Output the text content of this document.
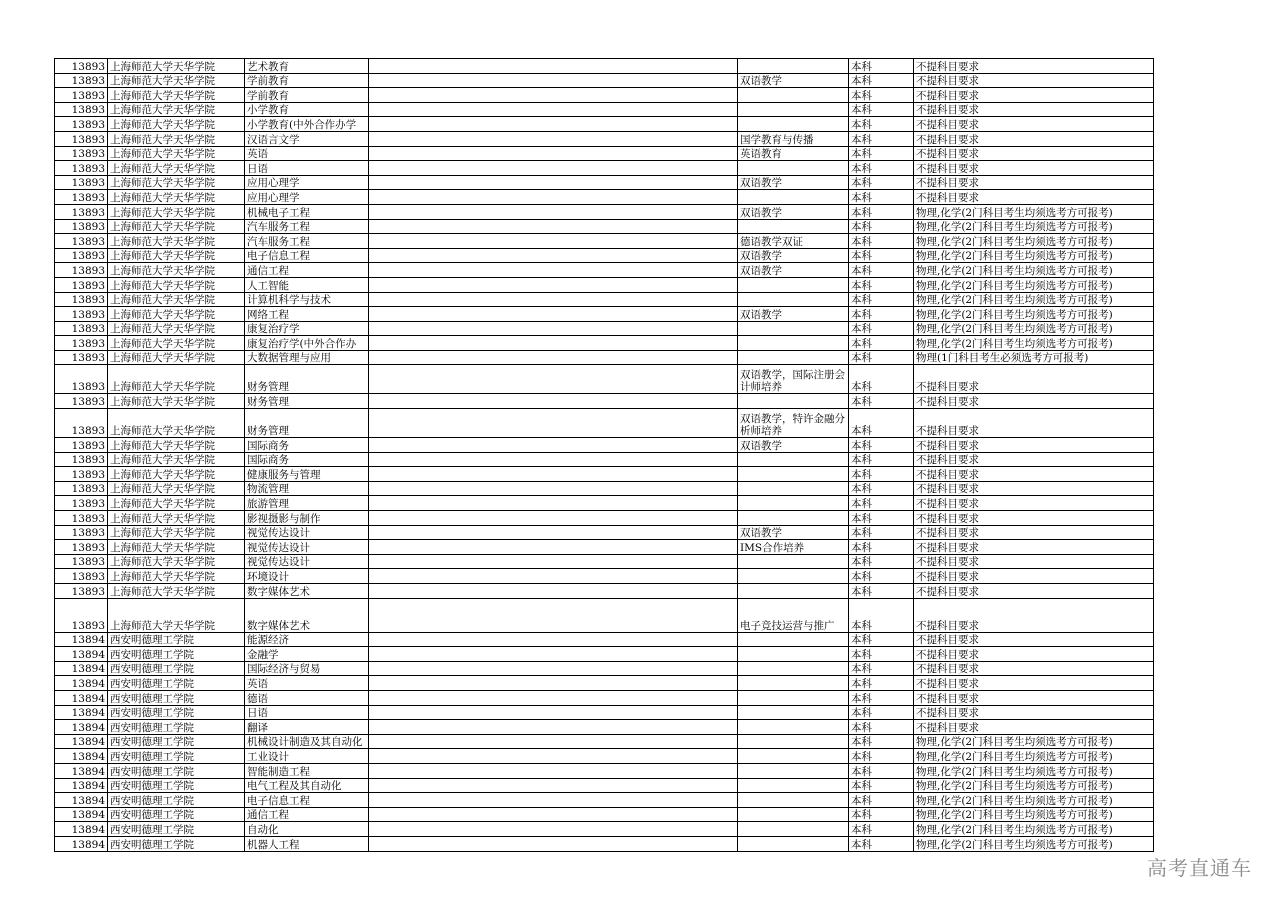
13893	上海师范大学天华学院	艺术教育			本科	不提科目要求
13893	上海师范大学天华学院	学前教育		双语教学	本科	不提科目要求
13893	上海师范大学天华学院	学前教育			本科	不提科目要求
13893	上海师范大学天华学院	小学教育			本科	不提科目要求
13893	上海师范大学天华学院	小学教育(中外合作办学			本科	不提科目要求
13893	上海师范大学天华学院	汉语言文学		国学教育与传播	本科	不提科目要求
13893	上海师范大学天华学院	英语		英语教育	本科	不提科目要求
13893	上海师范大学天华学院	日语			本科	不提科目要求
13893	上海师范大学天华学院	应用心理学		双语教学	本科	不提科目要求
13893	上海师范大学天华学院	应用心理学			本科	不提科目要求
13893	上海师范大学天华学院	机械电子工程		双语教学	本科	物理,化学(2门科目考生均须选考方可报考)
13893	上海师范大学天华学院	汽车服务工程			本科	物理,化学(2门科目考生均须选考方可报考)
13893	上海师范大学天华学院	汽车服务工程		德语教学双证	本科	物理,化学(2门科目考生均须选考方可报考)
13893	上海师范大学天华学院	电子信息工程		双语教学	本科	物理,化学(2门科目考生均须选考方可报考)
13893	上海师范大学天华学院	通信工程		双语教学	本科	物理,化学(2门科目考生均须选考方可报考)
13893	上海师范大学天华学院	人工智能			本科	物理,化学(2门科目考生均须选考方可报考)
13893	上海师范大学天华学院	计算机科学与技术			本科	物理,化学(2门科目考生均须选考方可报考)
13893	上海师范大学天华学院	网络工程		双语教学	本科	物理,化学(2门科目考生均须选考方可报考)
13893	上海师范大学天华学院	康复治疗学			本科	物理,化学(2门科目考生均须选考方可报考)
13893	上海师范大学天华学院	康复治疗学(中外合作办			本科	物理,化学(2门科目考生均须选考方可报考)
13893	上海师范大学天华学院	大数据管理与应用			本科	物理(1门科目考生必须选考方可报考)
13893	上海师范大学天华学院	财务管理		双语教学，国际注册会计师培养	本科	不提科目要求
13893	上海师范大学天华学院	财务管理			本科	不提科目要求
13893	上海师范大学天华学院	财务管理		双语教学，特许金融分析师培养	本科	不提科目要求
13893	上海师范大学天华学院	国际商务		双语教学	本科	不提科目要求
13893	上海师范大学天华学院	国际商务			本科	不提科目要求
13893	上海师范大学天华学院	健康服务与管理			本科	不提科目要求
13893	上海师范大学天华学院	物流管理			本科	不提科目要求
13893	上海师范大学天华学院	旅游管理			本科	不提科目要求
13893	上海师范大学天华学院	影视摄影与制作			本科	不提科目要求
13893	上海师范大学天华学院	视觉传达设计		双语教学	本科	不提科目要求
13893	上海师范大学天华学院	视觉传达设计		IMS合作培养	本科	不提科目要求
13893	上海师范大学天华学院	视觉传达设计			本科	不提科目要求
13893	上海师范大学天华学院	环境设计			本科	不提科目要求
13893	上海师范大学天华学院	数字媒体艺术			本科	不提科目要求
13893	上海师范大学天华学院	数字媒体艺术		电子竞技运营与推广	本科	不提科目要求
13894	西安明德理工学院	能源经济			本科	不提科目要求
13894	西安明德理工学院	金融学			本科	不提科目要求
13894	西安明德理工学院	国际经济与贸易			本科	不提科目要求
13894	西安明德理工学院	英语			本科	不提科目要求
13894	西安明德理工学院	德语			本科	不提科目要求
13894	西安明德理工学院	日语			本科	不提科目要求
13894	西安明德理工学院	翻译			本科	不提科目要求
13894	西安明德理工学院	机械设计制造及其自动化			本科	物理,化学(2门科目考生均须选考方可报考)
13894	西安明德理工学院	工业设计			本科	物理,化学(2门科目考生均须选考方可报考)
13894	西安明德理工学院	智能制造工程			本科	物理,化学(2门科目考生均须选考方可报考)
13894	西安明德理工学院	电气工程及其自动化			本科	物理,化学(2门科目考生均须选考方可报考)
13894	西安明德理工学院	电子信息工程			本科	物理,化学(2门科目考生均须选考方可报考)
13894	西安明德理工学院	通信工程			本科	物理,化学(2门科目考生均须选考方可报考)
13894	西安明德理工学院	自动化			本科	物理,化学(2门科目考生均须选考方可报考)
13894	西安明德理工学院	机器人工程			本科	物理,化学(2门科目考生均须选考方可报考)
高考直通车
